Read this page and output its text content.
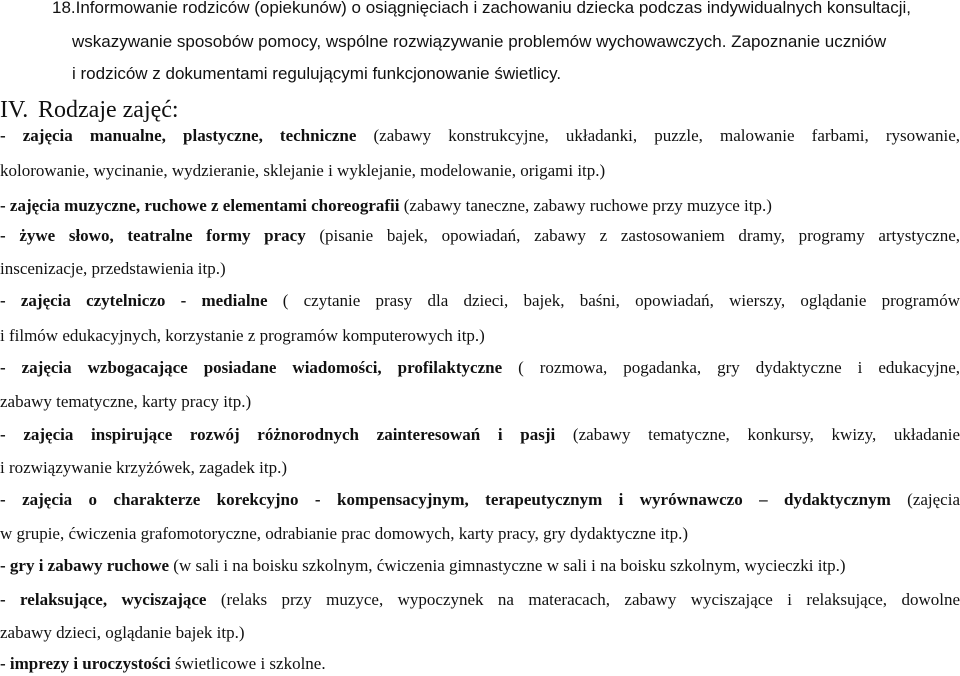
18.Informowanie rodziców (opiekunów) o osiągnięciach i zachowaniu dziecka podczas indywidualnych konsultacji,
wskazywanie sposobów pomocy, wspólne rozwiązywanie problemów wychowawczych. Zapoznanie uczniów
i rodziców z dokumentami regulującymi funkcjonowanie świetlicy.
IV. Rodzaje zajęć:
- zajęcia manualne, plastyczne, techniczne (zabawy konstrukcyjne, układanki, puzzle, malowanie farbami, rysowanie,
kolorowanie, wycinanie, wydzieranie, sklejanie i wyklejanie, modelowanie, origami itp.)
- zajęcia muzyczne, ruchowe z elementami choreografii (zabawy taneczne, zabawy ruchowe przy muzyce itp.)
- żywe słowo, teatralne formy pracy (pisanie bajek, opowiadań, zabawy z zastosowaniem dramy, programy artystyczne,
inscenizacje, przedstawienia itp.)
- zajęcia czytelniczo - medialne ( czytanie prasy dla dzieci, bajek, baśni, opowiadań, wierszy, oglądanie programów
i filmów edukacyjnych, korzystanie z programów komputerowych itp.)
- zajęcia wzbogacające posiadane wiadomości, profilaktyczne ( rozmowa, pogadanka, gry dydaktyczne i edukacyjne,
zabawy tematyczne, karty pracy itp.)
- zajęcia inspirujące rozwój różnorodnych zainteresowań i pasji (zabawy tematyczne, konkursy, kwizy, układanie
i rozwiązywanie krzyżówek, zagadek itp.)
- zajęcia o charakterze korekcyjno - kompensacyjnym, terapeutycznym i wyrównawczo – dydaktycznym (zajęcia
w grupie, ćwiczenia grafomotoryczne, odrabianie prac domowych, karty pracy, gry dydaktyczne itp.)
- gry i zabawy ruchowe (w sali i na boisku szkolnym, ćwiczenia gimnastyczne w sali i na boisku szkolnym, wycieczki itp.)
- relaksujące, wyciszające (relaks przy muzyce, wypoczynek na materacach, zabawy wyciszające i relaksujące, dowolne
zabawy dzieci, oglądanie bajek itp.)
- imprezy i uroczystości świetlicowe i szkolne.
